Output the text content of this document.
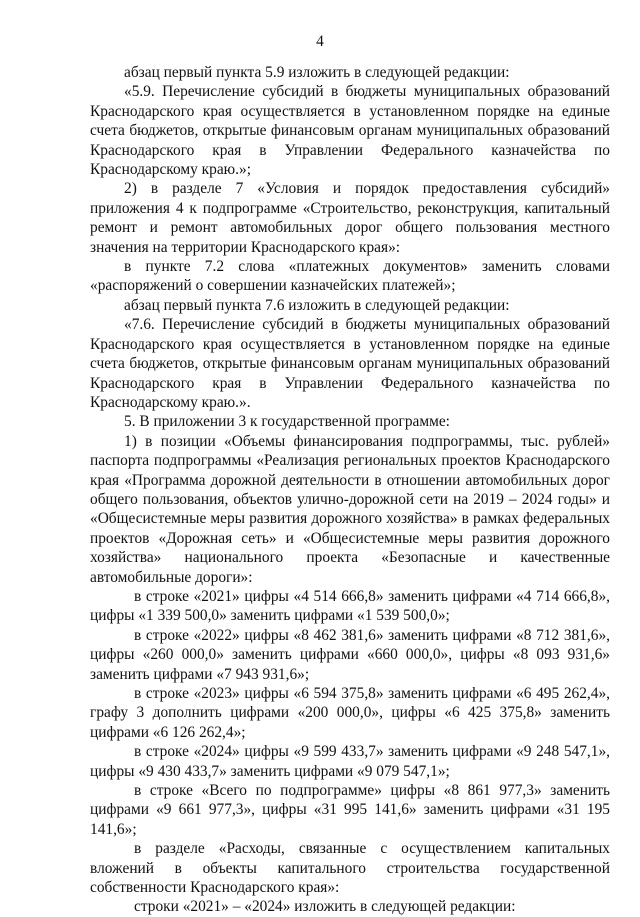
4

абзац первый пункта 5.9 изложить в следующей редакции:

«5.9. Перечисление субсидий в бюджеты муниципальных образований Краснодарского края осуществляется в установленном порядке на единые счета бюджетов, открытые финансовым органам муниципальных образований Краснодарского края в Управлении Федерального казначейства по Краснодарскому краю.»;

2) в разделе 7 «Условия и порядок предоставления субсидий» приложения 4 к подпрограмме «Строительство, реконструкция, капитальный ремонт и ремонт автомобильных дорог общего пользования местного значения на территории Краснодарского края»:

в пункте 7.2 слова «платежных документов» заменить словами «распоряжений о совершении казначейских платежей»;

абзац первый пункта 7.6 изложить в следующей редакции:

«7.6. Перечисление субсидий в бюджеты муниципальных образований Краснодарского края осуществляется в установленном порядке на единые счета бюджетов, открытые финансовым органам муниципальных образований Краснодарского края в Управлении Федерального казначейства по Краснодарскому краю.».

5. В приложении 3 к государственной программе:

1) в позиции «Объемы финансирования подпрограммы, тыс. рублей» паспорта подпрограммы «Реализация региональных проектов Краснодарского края «Программа дорожной деятельности в отношении автомобильных дорог общего пользования, объектов улично-дорожной сети на 2019 – 2024 годы» и «Общесистемные меры развития дорожного хозяйства» в рамках федеральных проектов «Дорожная сеть» и «Общесистемные меры развития дорожного хозяйства» национального проекта «Безопасные и качественные автомобильные дороги»:

в строке «2021» цифры «4 514 666,8» заменить цифрами «4 714 666,8», цифры «1 339 500,0» заменить цифрами «1 539 500,0»;

в строке «2022» цифры «8 462 381,6» заменить цифрами «8 712 381,6», цифры «260 000,0» заменить цифрами «660 000,0», цифры «8 093 931,6» заменить цифрами «7 943 931,6»;

в строке «2023» цифры «6 594 375,8» заменить цифрами «6 495 262,4», графу 3 дополнить цифрами «200 000,0», цифры «6 425 375,8» заменить цифрами «6 126 262,4»;

в строке «2024» цифры «9 599 433,7» заменить цифрами «9 248 547,1», цифры «9 430 433,7» заменить цифрами «9 079 547,1»;

в строке «Всего по подпрограмме» цифры «8 861 977,3» заменить цифрами «9 661 977,3», цифры «31 995 141,6» заменить цифрами «31 195 141,6»;

в разделе «Расходы, связанные с осуществлением капитальных вложений в объекты капитального строительства государственной собственности Краснодарского края»:

строки «2021» – «2024» изложить в следующей редакции:
